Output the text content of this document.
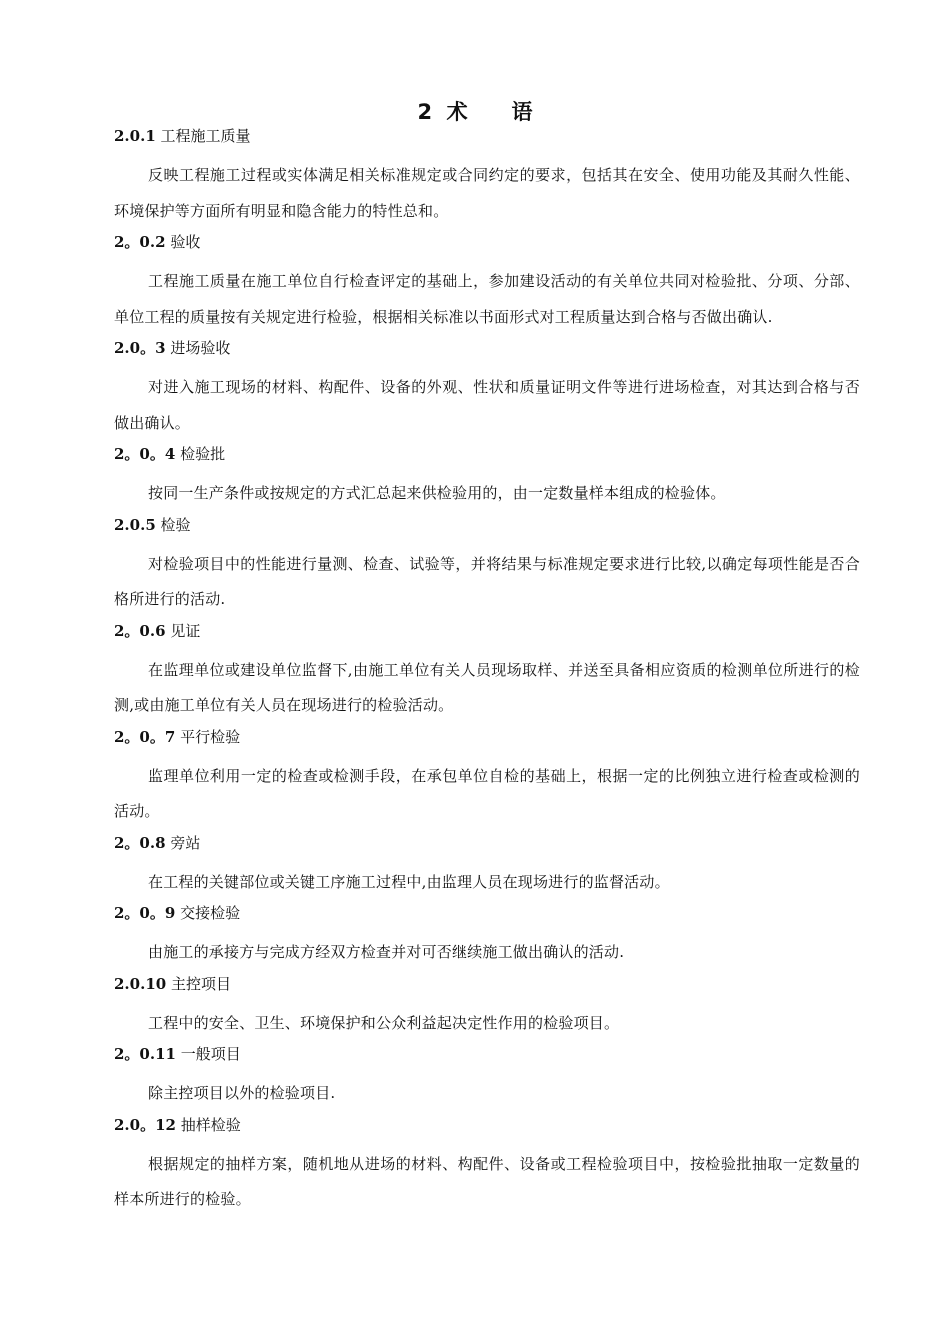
2  术      语
2.0.1 工程施工质量

反映工程施工过程或实体满足相关标准规定或合同约定的要求，包括其在安全、使用功能及其耐久性能、环境保护等方面所有明显和隐含能力的特性总和。

2。0.2 验收

工程施工质量在施工单位自行检查评定的基础上，参加建设活动的有关单位共同对检验批、分项、分部、单位工程的质量按有关规定进行检验，根据相关标准以书面形式对工程质量达到合格与否做出确认.

2.0。3 进场验收

对进入施工现场的材料、构配件、设备的外观、性状和质量证明文件等进行进场检查，对其达到合格与否做出确认。

2。0。4 检验批

按同一生产条件或按规定的方式汇总起来供检验用的，由一定数量样本组成的检验体。

2.0.5 检验

对检验项目中的性能进行量测、检查、试验等，并将结果与标准规定要求进行比较,以确定每项性能是否合格所进行的活动.

2。0.6 见证

在监理单位或建设单位监督下,由施工单位有关人员现场取样、并送至具备相应资质的检测单位所进行的检测,或由施工单位有关人员在现场进行的检验活动。

2。0。7 平行检验

监理单位利用一定的检查或检测手段，在承包单位自检的基础上，根据一定的比例独立进行检查或检测的活动。

2。0.8 旁站

在工程的关键部位或关键工序施工过程中,由监理人员在现场进行的监督活动。

2。0。9 交接检验

由施工的承接方与完成方经双方检查并对可否继续施工做出确认的活动.

2.0.10 主控项目

工程中的安全、卫生、环境保护和公众利益起决定性作用的检验项目。

2。0.11 一般项目

除主控项目以外的检验项目.

2.0。12 抽样检验

根据规定的抽样方案，随机地从进场的材料、构配件、设备或工程检验项目中，按检验批抽取一定数量的样本所进行的检验。
